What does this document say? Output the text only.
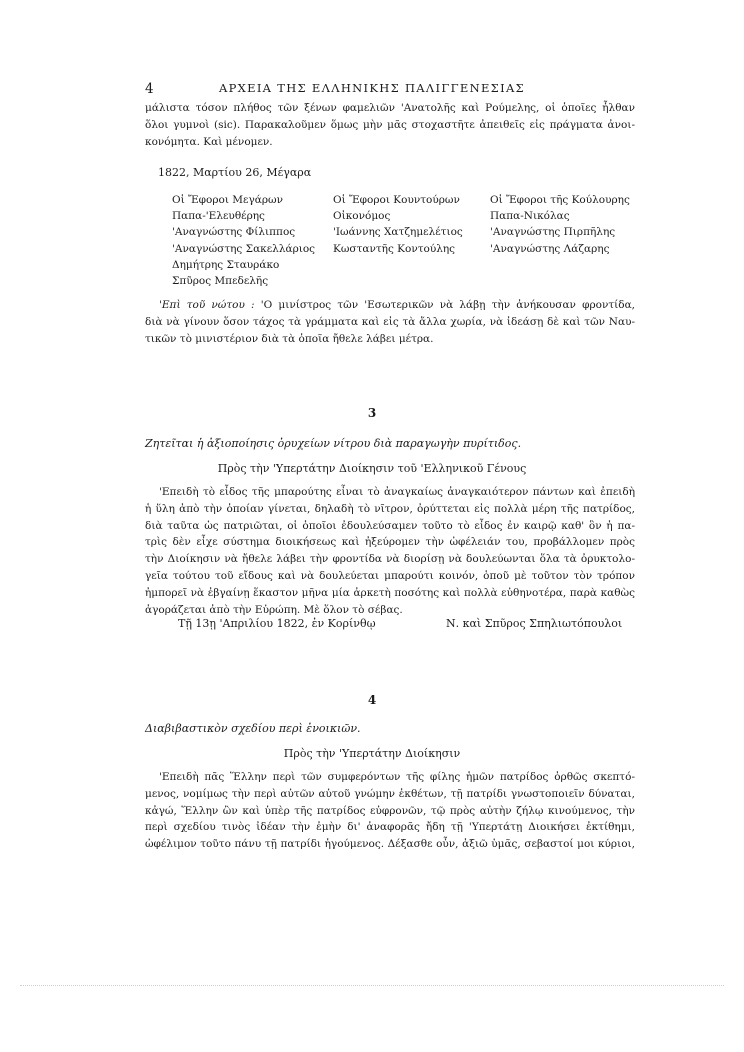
4	ΑΡΧΕΙΑ ΤΗΣ ΕΛΛΗΝΙΚΗΣ ΠΑΛΙΓΓΕΝΕΣΙΑΣ
μάλιστα τόσον πλήθος τῶν ξένων φαμελιῶν 'Ανατολῆς καὶ Ρούμελης, οἱ ὁποῖες ἦλθαν
ὅλοι γυμνοὶ (sic). Παρακαλοῦμεν ὅμως μὴν μᾶς στοχαστῆτε ἀπειθεῖς εἰς πράγματα ἀνοι-
κονόμητα. Καὶ μένομεν.
1822, Μαρτίου 26, Μέγαρα
Οἱ Ἔφοροι Μεγάρων
Παπα-'Ελευθέρης
'Αναγνώστης Φίλιππος
'Αναγνώστης Σακελλάριος
Δημήτρης Σταυράκο
Σπῦρος Μπεδελῆς
Οἱ Ἔφοροι Κουντούρων
Οἰκονόμος
'Ιωάννης Χατζημελέτιος
Κωσταντῆς Κοντούλης
Οἱ Ἔφοροι τῆς Κούλουρης
Παπα-Νικόλας
'Αναγνώστης Πιρπῆλης
'Αναγνώστης Λάζαρης
'Επὶ τοῦ νώτου : 'Ο μινίστρος τῶν 'Εσωτερικῶν νὰ λάβῃ τὴν ἀνήκουσαν φροντίδα,
διὰ νὰ γίνουν ὅσον τάχος τὰ γράμματα καὶ εἰς τὰ ἄλλα χωρία, νὰ ἰδεάσῃ δὲ καὶ τῶν Ναυ-
τικῶν τὸ μινιστέριον διὰ τὰ ὁποῖα ἤθελε λάβει μέτρα.
3
Ζητεῖται ἡ ἀξιοποίησις ὀρυχείων νίτρου διὰ παραγωγὴν πυρίτιδος.
Πρὸς τὴν 'Υπερτάτην Διοίκησιν τοῦ 'Ελληνικοῦ Γένους
'Επειδὴ τὸ εἶδος τῆς μπαρούτης εἶναι τὸ ἀναγκαίως ἀναγκαιότερον πάντων καὶ ἐπειδὴ
ἡ ὕλη ἀπὸ τὴν ὁποίαν γίνεται, δηλαδὴ τὸ νῖτρον, ὀρύττεται εἰς πολλὰ μέρη τῆς πατρίδος,
διὰ ταῦτα ὡς πατριῶται, οἱ ὁποῖοι ἐδουλεύσαμεν τοῦτο τὸ εἶδος ἐν καιρῷ καθ' ὃν ἡ πα-
τρὶς δὲν εἶχε σύστημα διοικήσεως καὶ ἠξεύρομεν τὴν ὠφέλειάν του, προβάλλομεν πρὸς
τὴν Διοίκησιν νὰ ἤθελε λάβει τὴν φροντίδα νὰ διορίσῃ νὰ δουλεύωνται ὅλα τὰ ὀρυκτολο-
γεῖα τούτου τοῦ εἴδους καὶ νὰ δουλεύεται μπαρούτι κοινόν, ὁποῦ μὲ τοῦτον τὸν τρόπον
ἠμπορεῖ νὰ ἐβγαίνῃ ἕκαστον μῆνα μία ἀρκετὴ ποσότης καὶ πολλὰ εὐθηνοτέρα, παρὰ καθὼς
ἀγοράζεται ἀπὸ τὴν Εὐρώπη. Μὲ ὅλον τὸ σέβας.
Τῇ 13ῃ 'Απριλίου 1822, ἐν Κορίνθῳ	Ν. καὶ Σπῦρος Σπηλιωτόπουλοι
4
Διαβιβαστικὸν σχεδίου περὶ ἐνοικιῶν.
Πρὸς τὴν 'Υπερτάτην Διοίκησιν
'Επειδὴ πᾶς Ἕλλην περὶ τῶν συμφερόντων τῆς φίλης ἡμῶν πατρίδος ὀρθῶς σκεπτό-
μενος, νομίμως τὴν περὶ αὐτῶν αὐτοῦ γνώμην ἐκθέτων, τῇ πατρίδι γνωστοποιεῖν δύναται,
κἀγώ, Ἕλλην ὢν καὶ ὑπὲρ τῆς πατρίδος εὐφρονῶν, τῷ πρὸς αὐτὴν ζήλῳ κινούμενος, τὴν
περὶ σχεδίου τινὸς ἰδέαν τὴν ἐμὴν δι' ἀναφορᾶς ἤδη τῇ 'Υπερτάτῃ Διοικήσει ἐκτίθημι,
ὠφέλιμον τοῦτο πάνυ τῇ πατρίδι ἡγούμενος. Δέξασθε οὖν, ἀξιῶ ὑμᾶς, σεβαστοί μοι κύριοι,
